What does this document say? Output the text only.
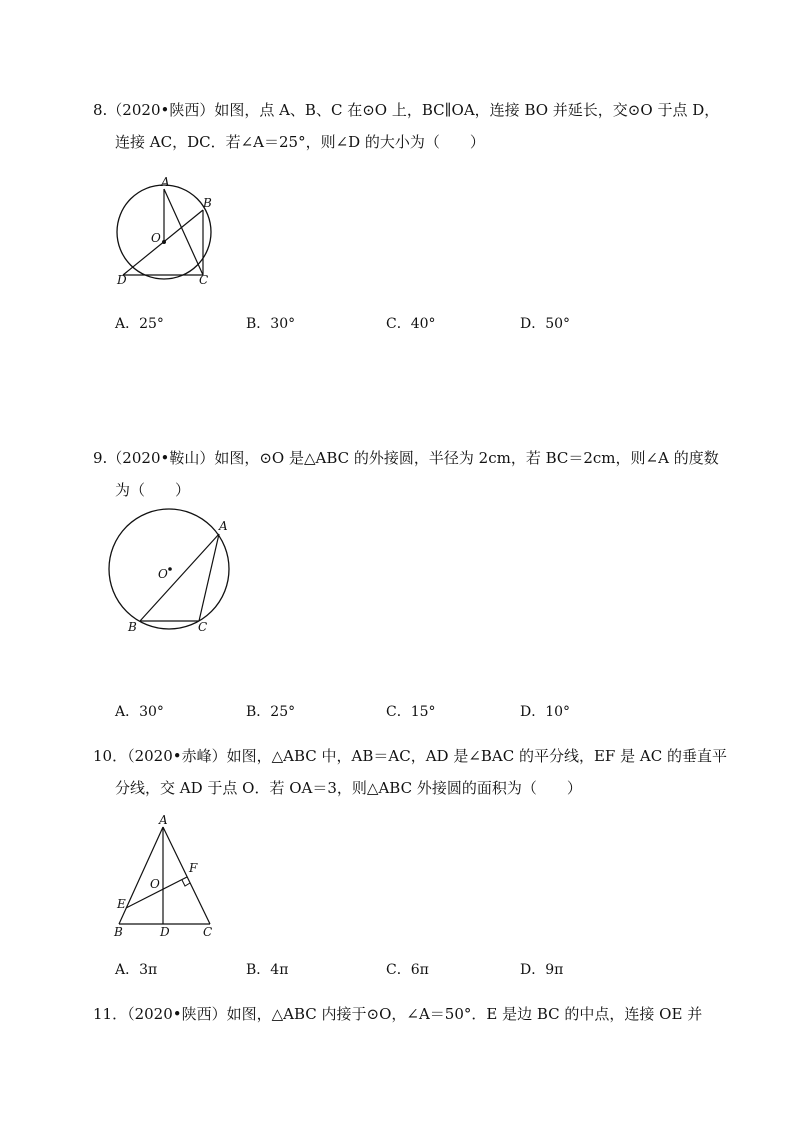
8.（2020•陕西）如图，点 A、B、C 在⊙O 上，BC∥OA，连接 BO 并延长，交⊙O 于点 D，
连接 AC，DC．若∠A＝25°，则∠D 的大小为（　　）
A
B
O
D	C
A．25°	B．30°	C．40°	D．50°
9.（2020•鞍山）如图，⊙O 是△ABC 的外接圆，半径为 2cm，若 BC＝2cm，则∠A 的度数
为（　　）
A
O
B	C
A．30°	B．25°	C．15°	D．10°
10．（2020•赤峰）如图，△ABC 中，AB＝AC，AD 是∠BAC 的平分线，EF 是 AC 的垂直平
分线，交 AD 于点 O．若 OA＝3，则△ABC 外接圆的面积为（　　）
A
F
O
E
B	D	C
A．3π	B．4π	C．6π	D．9π
11．（2020•陕西）如图，△ABC 内接于⊙O，∠A＝50°．E 是边 BC 的中点，连接 OE 并
